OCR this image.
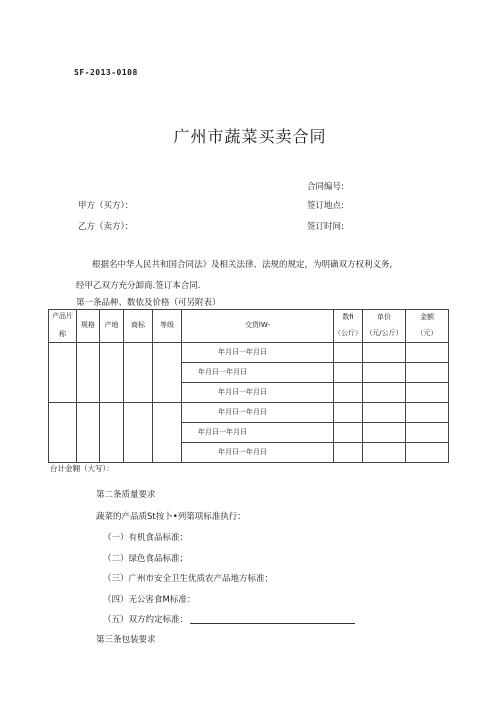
SF-2013-0108
广州市蔬菜买卖合同
合同编号:
甲方（买方）：	签订地点:
乙方（卖方）：	签订时间:
根据名中华人民共和国合同法》及相关法律、法规的规定，为明确双方权利义务,
经甲乙双方充分卸商.签订本合同.
第一条品种、数依及价格（可另附表）
产品片
称	规格	产地	商标	等级	交货lW-	数fi	单价	金额
						（公斤）	（元/公斤）	（元）
					年月曰一年月曰			
					年月曰一年月曰			
					年月曰一年月曰			
					年月曰一年月曰			
					年月曰一年月曰			
					年月曰一年月曰			
台计金翱（大写）：
第二条质量要求
蔬菜的产品质St按卜•列第项标准执行：
（一）有机食品标准：
（二）绿色食品标准；
（三）广州市安全卫生优质农产品地方标准：
（四）无公害食M标准：
（五）双方约定标准：
第三条包装要求
